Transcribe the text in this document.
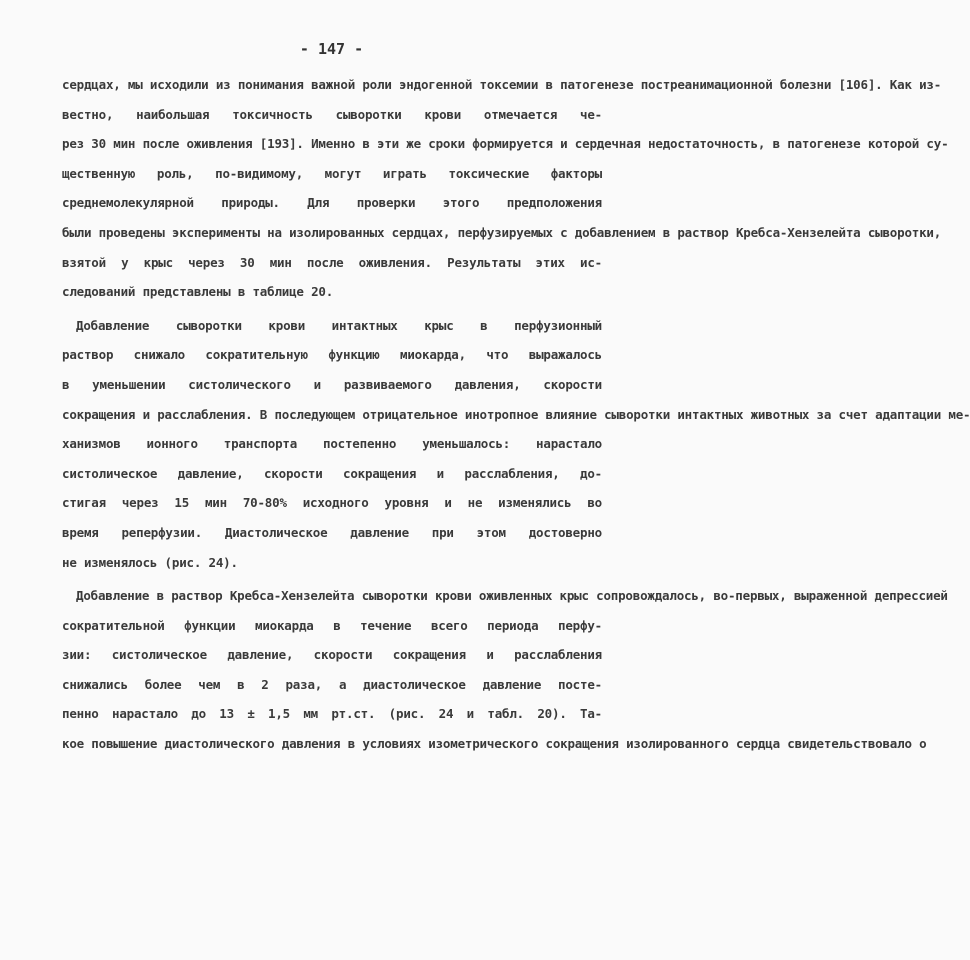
- 147 -
сердцах, мы исходили из понимания важной роли эндогенной токсемии в патогенезе постреанимационной болезни [106]. Как из-
вестно, наибольшая токсичность сыворотки крови отмечается че-
рез 30 мин после оживления [193]. Именно в эти же сроки формируется и сердечная недостаточность, в патогенезе которой су-
щественную роль, по-видимому, могут играть токсические факторы
среднемолекулярной природы. Для проверки этого предположения
были проведены эксперименты на изолированных сердцах, перфузируемых с добавлением в раствор Кребса-Хензелейта сыворотки,
взятой у крыс через 30 мин после оживления. Результаты этих ис-
следований представлены в таблице 20.
Добавление сыворотки крови интактных крыс в перфузионный
раствор снижало сократительную функцию миокарда, что выражалось
в уменьшении систолического и развиваемого давления, скорости
сокращения и расслабления. В последующем отрицательное инотропное влияние сыворотки интактных животных за счет адаптации ме-
ханизмов ионного транспорта постепенно уменьшалось: нарастало
систолическое давление, скорости сокращения и расслабления, до-
стигая через 15 мин 70-80% исходного уровня и не изменялись во
время реперфузии. Диастолическое давление при этом достоверно
не изменялось (рис. 24).
Добавление в раствор Кребса-Хензелейта сыворотки крови оживленных крыс сопровождалось, во-первых, выраженной депрессией
сократительной функции миокарда в течение всего периода перфу-
зии: систолическое давление, скорости сокращения и расслабления
снижались более чем в 2 раза, а диастолическое давление посте-
пенно нарастало до 13 ± 1,5 мм рт.ст. (рис. 24 и табл. 20). Та-
кое повышение диастолического давления в условиях изометрического сокращения изолированного сердца свидетельствовало о
